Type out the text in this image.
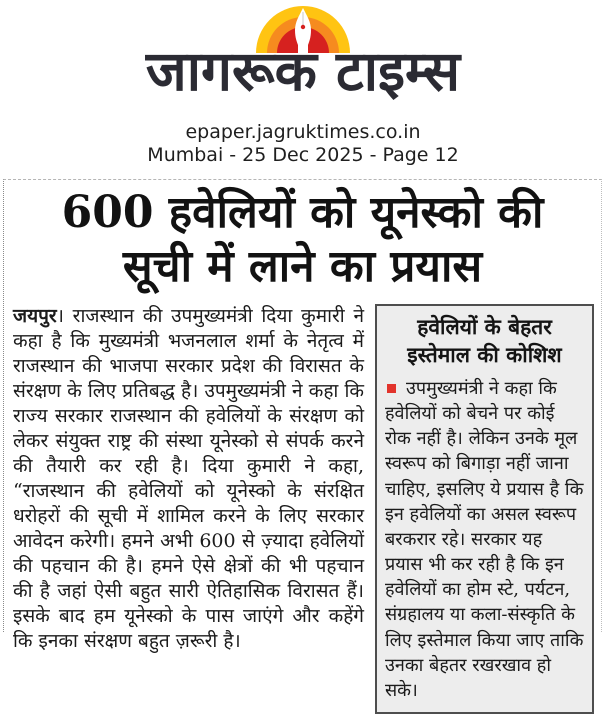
जागरूक टाइम्स
epaper.jagruktimes.co.in
Mumbai - 25 Dec 2025 - Page 12
600 हवेलियों को यूनेस्को की
सूची में लाने का प्रयास
जयपुर। राजस्थान की उपमुख्यमंत्री दिया कुमारी ने कहा है कि मुख्यमंत्री भजनलाल शर्मा के नेतृत्व में राजस्थान की भाजपा सरकार प्रदेश की विरासत के संरक्षण के लिए प्रतिबद्ध है। उपमुख्यमंत्री ने कहा कि राज्य सरकार राजस्थान की हवेलियों के संरक्षण को लेकर संयुक्त राष्ट्र की संस्था यूनेस्को से संपर्क करने की तैयारी कर रही है। दिया कुमारी ने कहा, “राजस्थान की हवेलियों को यूनेस्को के संरक्षित धरोहरों की सूची में शामिल करने के लिए सरकार आवेदन करेगी। हमने अभी 600 से ज़्यादा हवेलियों की पहचान की है। हमने ऐसे क्षेत्रों की भी पहचान की है जहां ऐसी बहुत सारी ऐतिहासिक विरासत हैं। इसके बाद हम यूनेस्को के पास जाएंगे और कहेंगे कि इनका संरक्षण बहुत ज़रूरी है।
हवेलियों के बेहतर
इस्तेमाल की कोशिश
उपमुख्यमंत्री ने कहा कि हवेलियों को बेचने पर कोई रोक नहीं है। लेकिन उनके मूल स्वरूप को बिगाड़ा नहीं जाना चाहिए, इसलिए ये प्रयास है कि इन हवेलियों का असल स्वरूप बरकरार रहे। सरकार यह प्रयास भी कर रही है कि इन हवेलियों का होम स्टे, पर्यटन, संग्रहालय या कला-संस्कृति के लिए इस्तेमाल किया जाए ताकि उनका बेहतर रखरखाव हो सके।
